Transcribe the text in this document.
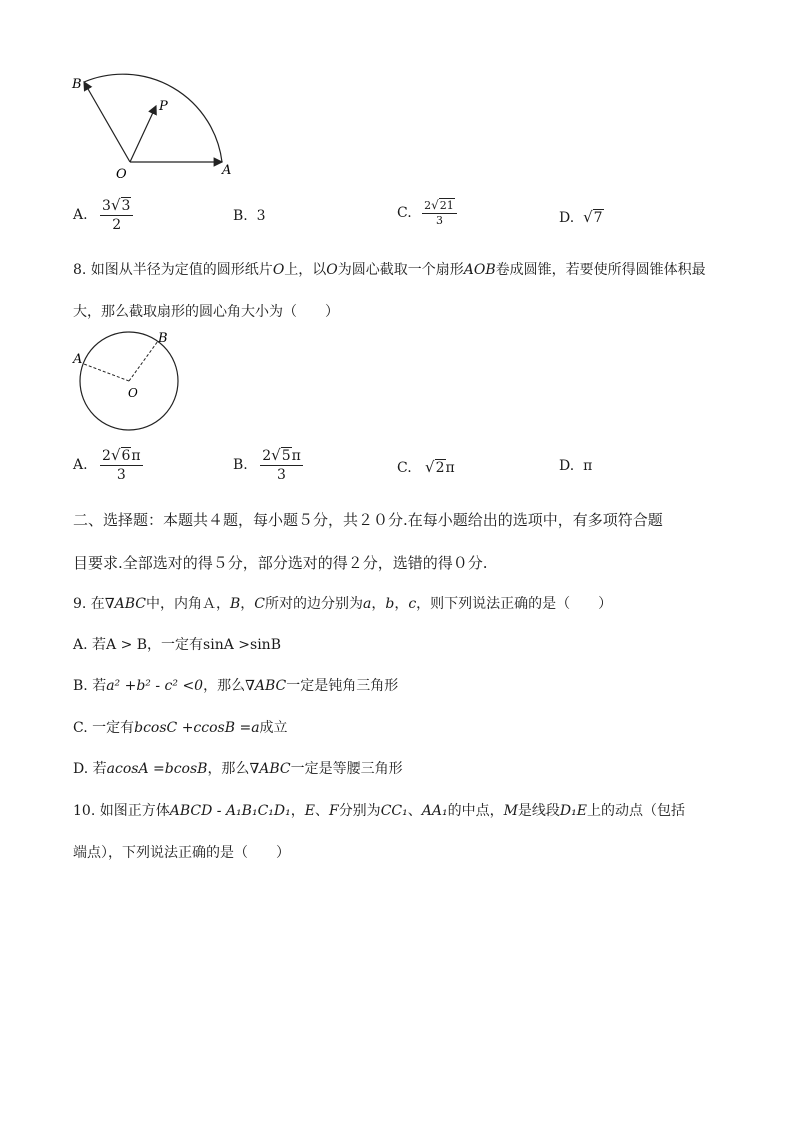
B
P
O	A
A. $\frac{3√3}{2}$	B. 3	C. $\frac{2√21}{3}$	D. √7
8. 如图从半径为定值的圆形纸片O上，以O为圆心截取一个扇形AOB卷成圆锥，若要使所得圆锥体积最
大，那么截取扇形的圆心角大小为（　　）
A
B
O
A. $\frac{2√6\pi}{3}$	B. $\frac{2√5\pi}{3}$	C. √2π	D. π
二、选择题：本题共４题，每小题５分，共２０分.在每小题给出的选项中，有多项符合题
目要求.全部选对的得５分，部分选对的得２分，选错的得０分.
9. 在∇ABC中，内角Ａ，B，C所对的边分别为a，b，c，则下列说法正确的是（　　）
A. 若A > B，一定有sinA >sinB
B. 若a² +b² - c² <0，那么∇ABC一定是钝角三角形
C. 一定有bcosC +ccosB =a成立
D. 若acosA =bcosB，那么∇ABC一定是等腰三角形
10. 如图正方体ABCD - A₁B₁C₁D₁，E、F分别为CC₁、AA₁的中点，M是线段D₁E上的动点（包括
端点），下列说法正确的是（　　）
